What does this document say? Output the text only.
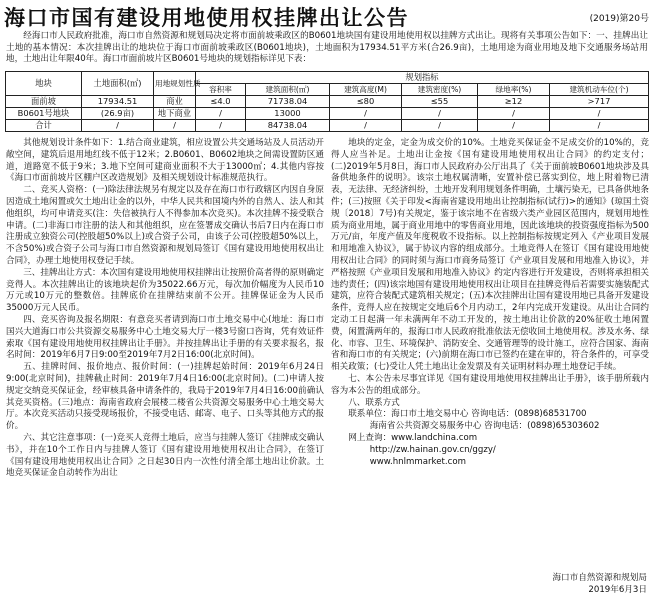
海口市国有建设用地使用权挂牌出让公告	(2019)第20号

经海口市人民政府批准，海口市自然资源和规划局决定将市面前坡乘政区的B0601地块国有建设用地使用权以挂牌方式出让。现将有关事项公告如下：一、挂牌出让土地的基本情况：本次挂牌出让的地块位于海口市面前坡乘政区(B0601地块)，土地面积为17934.51平方米(合26.9亩)，土地用途为商业用地及地下交通服务场站用地，土地出让年限40年。海口市面前坡片区B0601号地块的规划指标详见下表：

地块	土地面积(㎡)	用地规划性质	规划指标					
			容积率	建筑面积(㎡)	建筑高度(M)	建筑密度(%)	绿地率(%)	建筑机动车位(个)
面前坡	17934.51	商业	≤4.0	71738.04	≤80	≤55	≥12	>717
B0601号地块	(26.9亩)	地下商业	/	13000	/	/	/	/
合计	/	/	/	84738.04	/	/	/	/

其他规划设计条件如下：1.结合商业建筑，相应设置公共交通场站及人员活动开敞空间，建筑后退用地红线不低于12米；2.B0601、B0602地块之间需设置防区通道，道路宽不低于9米；3.地下空间可建商业面积不大于13000㎡；4.其他内容按《海口市面前坡片区棚户区改造规划》及相关规划设计标准规范执行。

二、竞买人资格：(一)除法律法规另有规定以及存在海口市行政辖区内因自身原因造成土地闲置或欠土地出让金的以外，中华人民共和国境内外的自然人、法人和其他组织，均可申请竞买(注：失信被执行人不得参加本次竞买)。本次挂牌不接受联合申请。(二)非海口市注册的法人和其他组织，应在签署成交确认书后7日内在海口市注册成立独资公司(控股超50%以上)或合资子公司，由该子公司(控股超50%以上，不含50%)或合资子公司与海口市自然资源和规划局签订《国有建设用地使用权出让合同》，办理土地使用权登记手续。

三、挂牌出让方式：本次国有建设用地使用权挂牌出让按照价高者得的原则确定竞得人。本次挂牌出让的该地块起价为35022.66万元，每次加价幅度为人民币10万元或10万元的整数倍。挂牌底价在挂牌结束前不公开。挂牌保证金为人民币35000万元人民币。

四、竞买咨询及报名期限：有意竞买者请到海口市土地交易中心(地址：海口市国兴大道海口市公共资源交易服务中心土地交易大厅一楼3号窗口咨询，凭有效证件索取《国有建设用地使用权挂牌出让手册》。并按挂牌出让手册的有关要求报名，报名时间：2019年6月7日9:00至2019年7月2日16:00(北京时间)。

五、挂牌时间、报价地点、报价时间：(一)挂牌起始时间：2019年6月24日9:00(北京时间)，挂牌截止时间：2019年7月4日16:00(北京时间)。(二)申请人按规定交纳竞买保证金，经审核具备申请条件的，我局于2019年7月4日16:00前确认其竞买资格。(三)地点：海南省政府会展楼二楼省公共资源交易服务中心土地交易大厅。本次竞买活动只接受现场报价，不接受电话、邮寄、电子、口头等其他方式的报价。

六、其它注意事项：(一)竞买人竞得土地后，应当与挂牌人签订《挂牌成交确认书》，并在10个工作日内与挂牌人签订《国有建设用地使用权出让合同》，在签订《国有建设用地使用权出让合同》之日起30日内一次性付清全部土地出让价款。土地竞买保证金自动转作为出让

地块的定金，定金为成交价的10%。土地竞买保证金不足成交价的10%的，竞得人应当补足。土地出让金按《国有建设用地使用权出让合同》的约定支付；(二)2019年5月8日，海口市人民政府办公厅出具了《关于面前坡B0601地块涉及具备供地条件的说明》。该宗土地权属清晰，安置补偿已落实到位，地上附着物已清表，无法律、无经济纠纷，土地开发利用规划条件明确，土壤污染无，已具备供地条件；(三)按照《关于印发<海南省建设用地出让控制指标(试行)>的通知》(琼国土资规〔2018〕7号)有关规定，鉴于该宗地不在省级六类产业园区范围内，规划用地性质为商业用地，属于商业用地中的零售商业用地，因此该地块的投资强度指标为500万元/亩，年度产值及年度税收不设指标。以上控制指标按规定列入《产业项目发展和用地准入协议》，属于协议内容的组成部分。土地竞得人在签订《国有建设用地使用权出让合同》的同时须与海口市商务局签订《产业项目发展和用地准入协议》，并严格按照《产业项目发展和用地准入协议》约定内容进行开发建设，否则将承担相关违约责任；(四)该宗地国有建设用地使用权出让项目在挂牌竞得后若需要实施装配式建筑，应符合装配式建筑相关规定；(五)本次挂牌出让国有建设用地已具备开发建设条件，竞得人应在按规定交地后6个月内动工，2年内完成开发建设。从出让合同约定动工日起满一年未满两年不动工开发的，按土地出让价款的20%征收土地闲置费，闲置满两年的，报海口市人民政府批准依法无偿收回土地使用权。涉及水务、绿化、市容、卫生、环境保护、消防安全、交通管理等的设计施工，应符合国家、海南省和海口市的有关规定；(六)前期在海口市已签约在建在审的，符合条件的，可享受相关政策；(七)受让人凭土地出让金发票及有关证明材料办理土地登记手续。

七、本公告未尽事宜详见《国有建设用地使用权挂牌出让手册》，该手册所载内容为本公告的组成部分。

八、联系方式

联系单位：海口市土地交易中心 咨询电话：(0898)68531700

海南省公共资源交易服务中心 咨询电话：(0898)65303602

网上查询：www.landchina.com

http://zw.hainan.gov.cn/ggzy/

www.hnlmmarket.com

海口市自然资源和规划局
2019年6月3日
